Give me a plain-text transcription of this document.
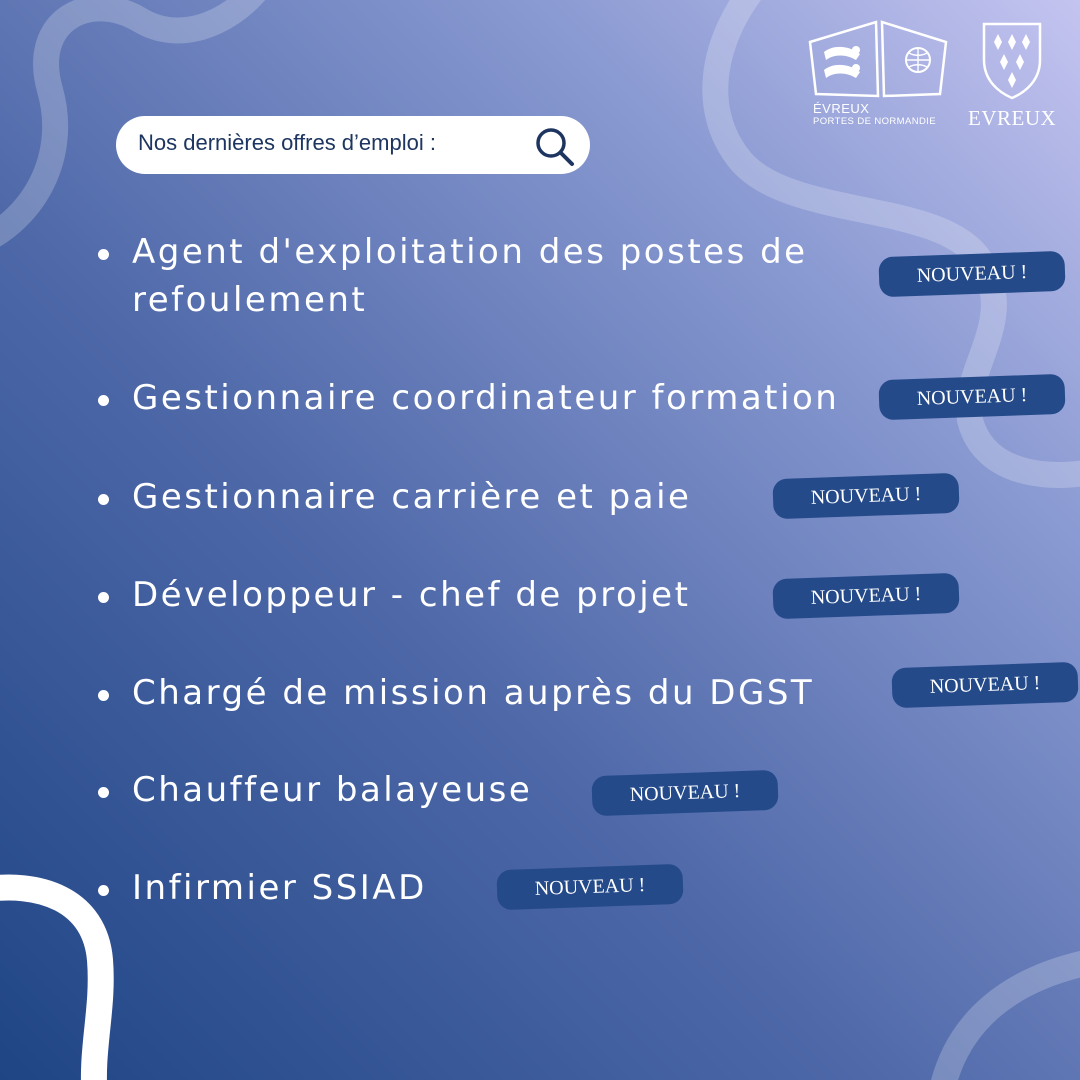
ÉVREUX
PORTES DE NORMANDIE EVREUX
Nos dernières offres d’emploi :
Agent d'exploitation des postes de
refoulement
NOUVEAU !
Gestionnaire coordinateur formation	NOUVEAU !
Gestionnaire carrière et paie	NOUVEAU !
Développeur - chef de projet	NOUVEAU !
Chargé de mission auprès du DGST	NOUVEAU !
Chauffeur balayeuse	NOUVEAU !
Infirmier SSIAD	NOUVEAU !
